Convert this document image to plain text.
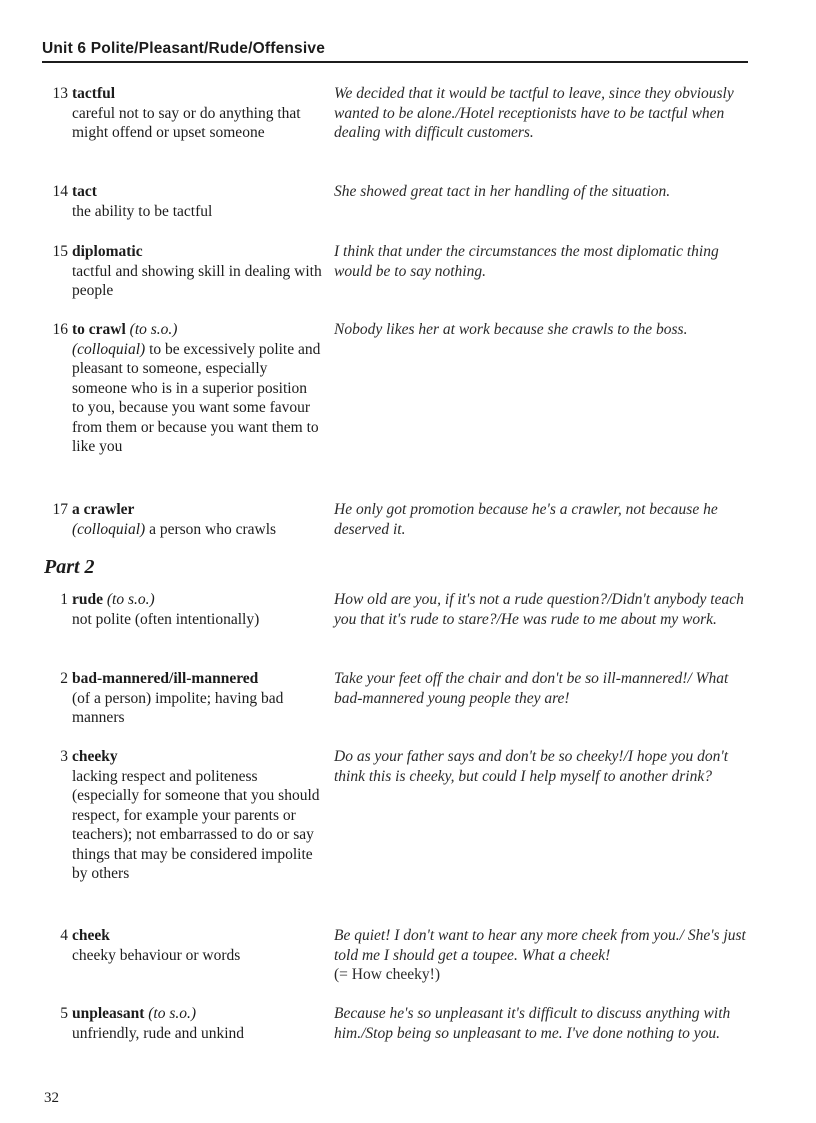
Unit 6 Polite/Pleasant/Rude/Offensive
13 tactful
careful not to say or do anything that might offend or upset someone
We decided that it would be tactful to leave, since they obviously wanted to be alone./Hotel receptionists have to be tactful when dealing with difficult customers.
14 tact
the ability to be tactful
She showed great tact in her handling of the situation.
15 diplomatic
tactful and showing skill in dealing with people
I think that under the circumstances the most diplomatic thing would be to say nothing.
16 to crawl (to s.o.)
(colloquial) to be excessively polite and pleasant to someone, especially someone who is in a superior position to you, because you want some favour from them or because you want them to like you
Nobody likes her at work because she crawls to the boss.
17 a crawler
(colloquial) a person who crawls
He only got promotion because he's a crawler, not because he deserved it.
Part 2
1 rude (to s.o.)
not polite (often intentionally)
How old are you, if it's not a rude question?/Didn't anybody teach you that it's rude to stare?/He was rude to me about my work.
2 bad-mannered/ill-mannered
(of a person) impolite; having bad manners
Take your feet off the chair and don't be so ill-mannered!/ What bad-mannered young people they are!
3 cheeky
lacking respect and politeness (especially for someone that you should respect, for example your parents or teachers); not embarrassed to do or say things that may be considered impolite by others
Do as your father says and don't be so cheeky!/I hope you don't think this is cheeky, but could I help myself to another drink?
4 cheek
cheeky behaviour or words
Be quiet! I don't want to hear any more cheek from you./ She's just told me I should get a toupee. What a cheek!
(= How cheeky!)
5 unpleasant (to s.o.)
unfriendly, rude and unkind
Because he's so unpleasant it's difficult to discuss anything with him./Stop being so unpleasant to me. I've done nothing to you.
32
